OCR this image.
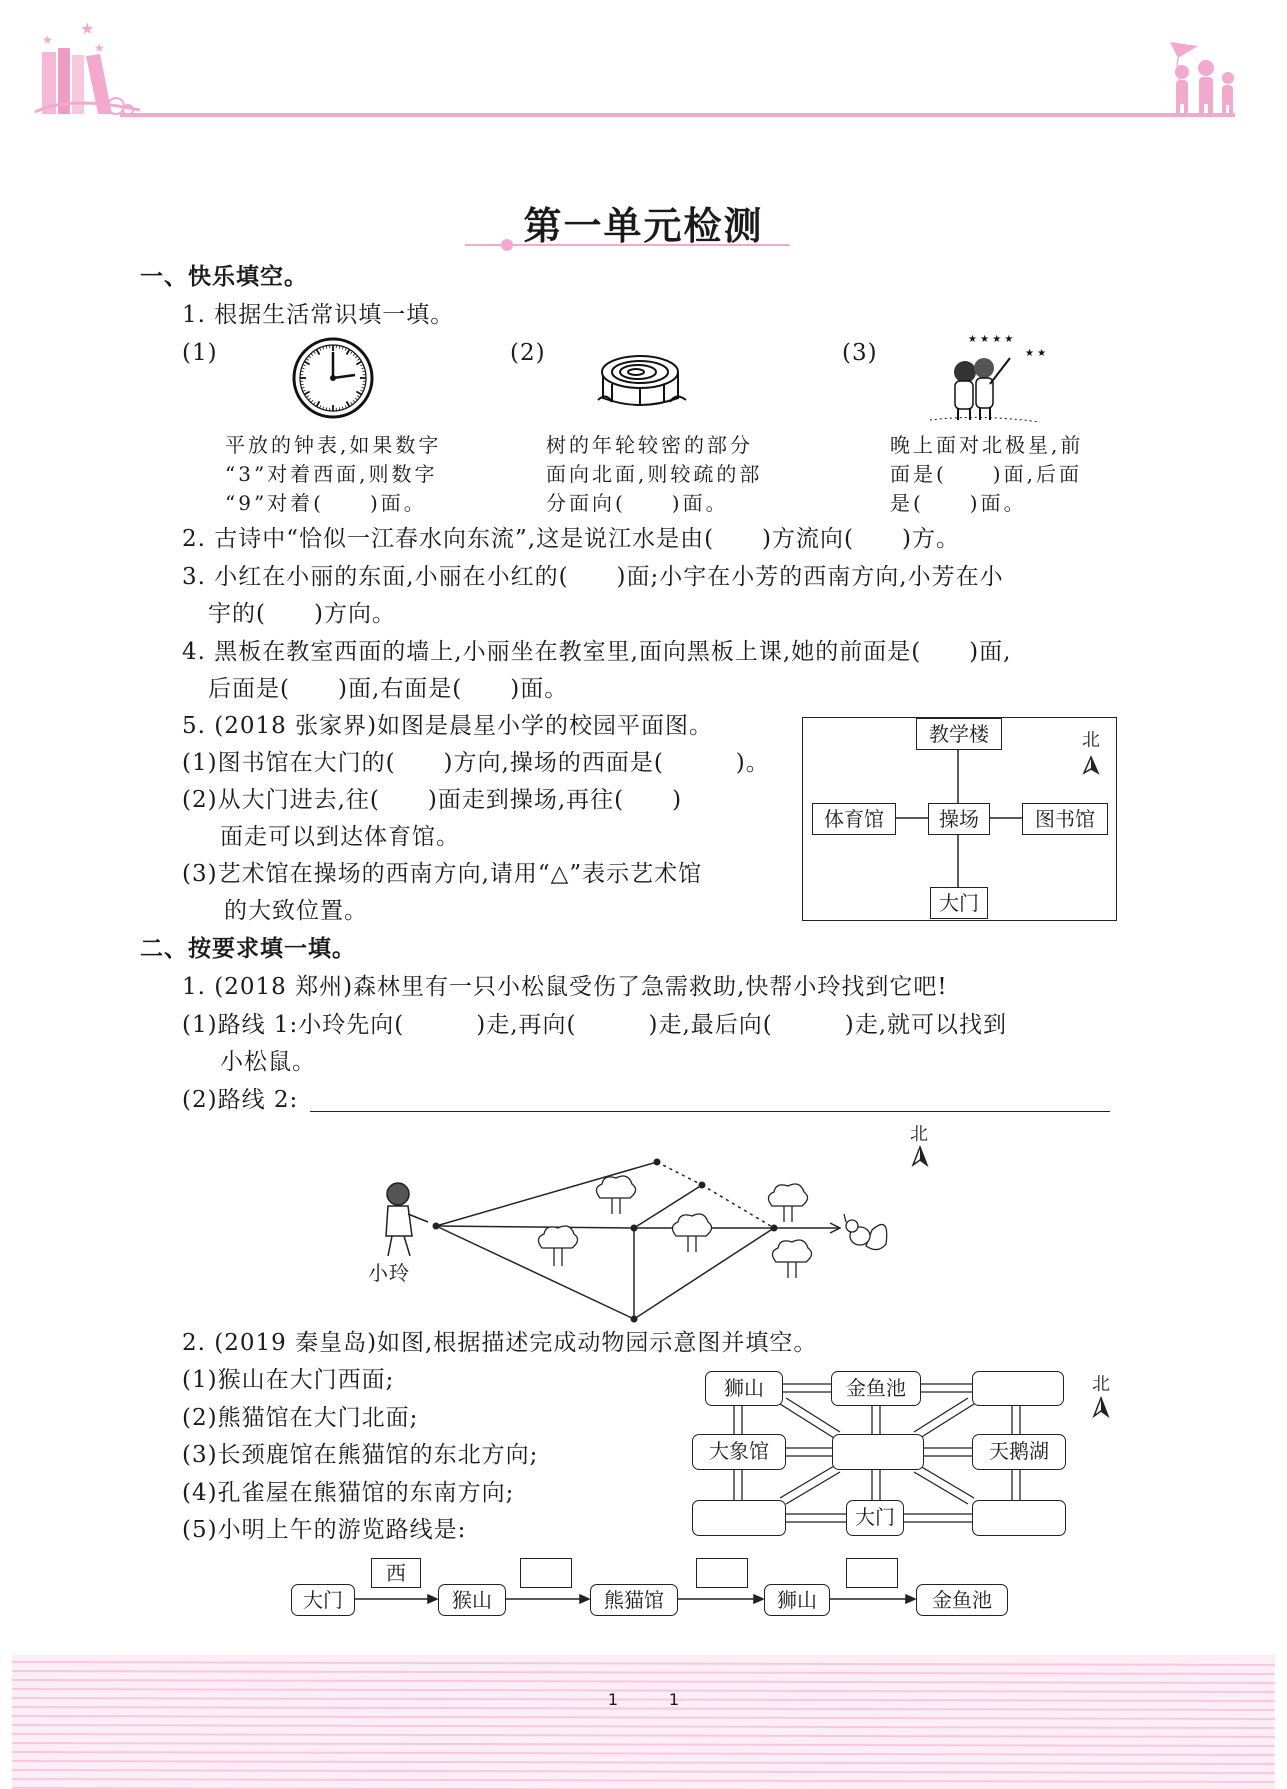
★
★
★
第一单元检测
一、快乐填空。
1. 根据生活常识填一填。
(1)	(2)	(3)
★ ★ ★ ★
★ ★
平放的钟表,如果数字
“3”对着西面,则数字
“9”对着(　　)面。
树的年轮较密的部分
面向北面,则较疏的部
分面向(　　)面。
晚上面对北极星,前
面是(　　)面,后面
是(　　)面。
2. 古诗中“恰似一江春水向东流”,这是说江水是由(　　)方流向(　　)方。
3. 小红在小丽的东面,小丽在小红的(　　)面;小宇在小芳的西南方向,小芳在小
宇的(　　)方向。
4. 黑板在教室西面的墙上,小丽坐在教室里,面向黑板上课,她的前面是(　　)面,
后面是(　　)面,右面是(　　)面。
5. (2018 张家界)如图是晨星小学的校园平面图。
(1)图书馆在大门的(　　)方向,操场的西面是(　　　)。
(2)从大门进去,往(　　)面走到操场,再往(　　)
面走可以到达体育馆。
(3)艺术馆在操场的西南方向,请用“△”表示艺术馆
的大致位置。
北
教学楼
体育馆	操场	图书馆
大门
二、按要求填一填。
1. (2018 郑州)森林里有一只小松鼠受伤了急需救助,快帮小玲找到它吧!
(1)路线 1:小玲先向(　　　)走,再向(　　　)走,最后向(　　　)走,就可以找到
小松鼠。
(2)路线 2:
北
小玲
2. (2019 秦皇岛)如图,根据描述完成动物园示意图并填空。
(1)猴山在大门西面;
(2)熊猫馆在大门北面;
(3)长颈鹿馆在熊猫馆的东北方向;
(4)孔雀屋在熊猫馆的东南方向;
(5)小明上午的游览路线是:
北
狮山	金鱼池
大象馆	天鹅湖
大门
西
大门	猴山	熊猫馆	狮山	金鱼池
1          1
